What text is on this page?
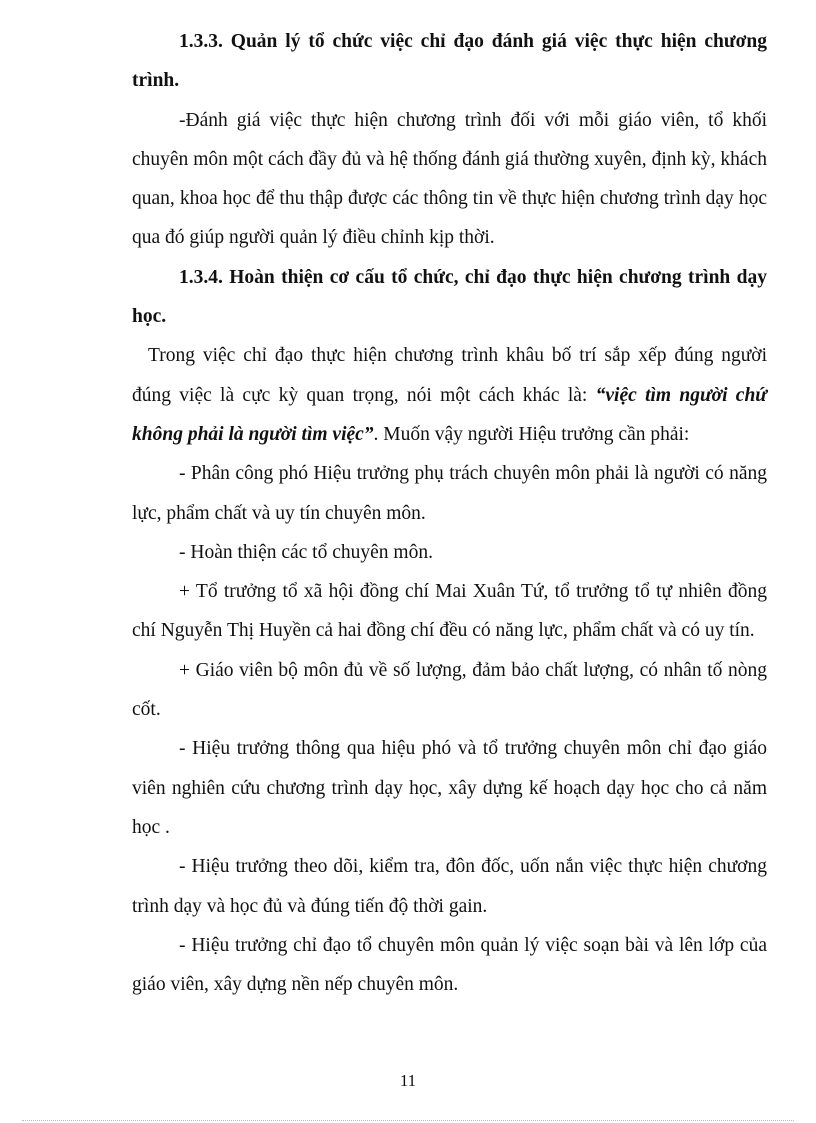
1.3.3. Quản lý tổ chức việc chỉ đạo đánh giá việc thực hiện chương trình.

-Đánh giá việc thực hiện chương trình đối với mỗi giáo viên, tổ khối chuyên môn một cách đầy đủ và hệ thống đánh giá thường xuyên, định kỳ, khách quan, khoa học để thu thập được các thông tin về thực hiện chương trình dạy học qua đó giúp người quản lý điều chỉnh kịp thời.

1.3.4. Hoàn thiện cơ cấu tổ chức, chỉ đạo thực hiện chương trình dạy học.

Trong việc chỉ đạo thực hiện chương trình khâu bố trí sắp xếp đúng người đúng việc là cực kỳ quan trọng, nói một cách khác là: “việc tìm người chứ không phải là người tìm việc”. Muốn vậy người Hiệu trưởng cần phải:

- Phân công phó Hiệu trưởng phụ trách chuyên môn phải là người có năng lực, phẩm chất và uy tín chuyên môn.

- Hoàn thiện các tổ chuyên môn.

+ Tổ trưởng tổ xã hội đồng chí Mai Xuân Tứ, tổ trưởng tổ tự nhiên đồng chí Nguyễn Thị Huyền cả hai đồng chí đều có năng lực, phẩm chất và có uy tín.

+ Giáo viên bộ môn đủ về số lượng, đảm bảo chất lượng, có nhân tố nòng cốt.

- Hiệu trưởng thông qua hiệu phó và tổ trưởng chuyên môn chỉ đạo giáo viên nghiên cứu chương trình dạy học, xây dựng kế hoạch dạy học cho cả năm học .

- Hiệu trưởng theo dõi, kiểm tra, đôn đốc, uốn nắn việc thực hiện chương trình dạy và học đủ và đúng tiến độ thời gain.

- Hiệu trưởng chỉ đạo tổ chuyên môn quản lý việc soạn bài và lên lớp của giáo viên, xây dựng nền nếp chuyên môn.

11
